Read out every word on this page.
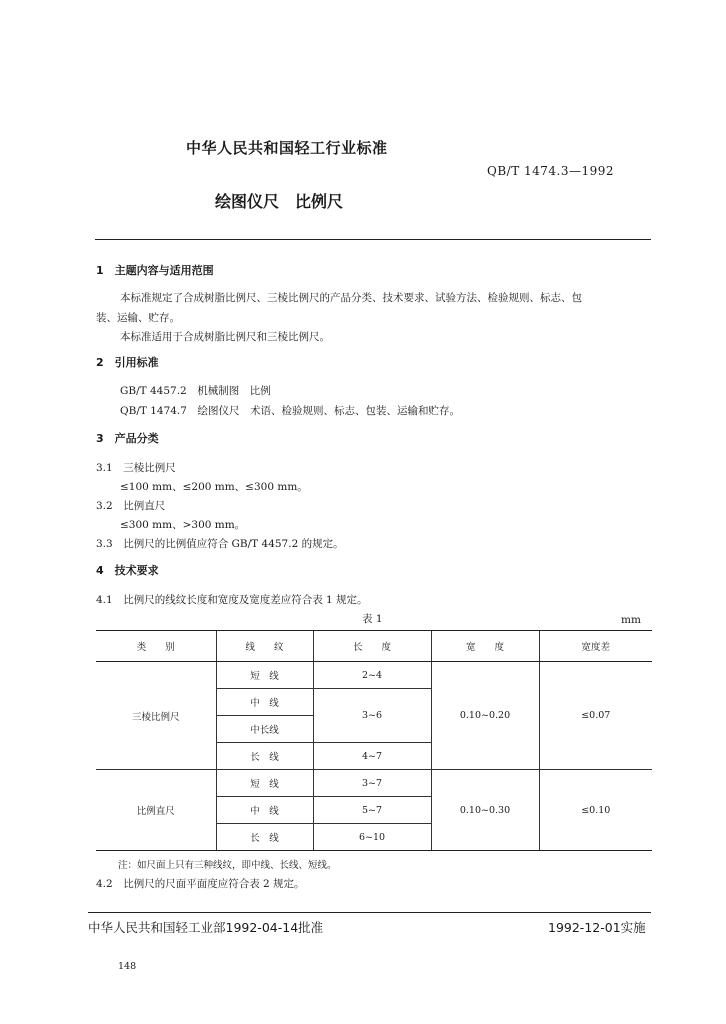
中华人民共和国轻工行业标准
QB/T 1474.3—1992
绘图仪尺　比例尺
1　主题内容与适用范围
本标准规定了合成树脂比例尺、三棱比例尺的产品分类、技术要求、试验方法、检验规则、标志、包
装、运输、贮存。
本标准适用于合成树脂比例尺和三棱比例尺。
2　引用标准
GB/T 4457.2　机械制图　比例
QB/T 1474.7　绘图仪尺　术语、检验规则、标志、包装、运输和贮存。
3　产品分类
3.1　三棱比例尺
≤100 mm、≤200 mm、≤300 mm。
3.2　比例直尺
≤300 mm、>300 mm。
3.3　比例尺的比例值应符合 GB/T 4457.2 的规定。
4　技术要求
4.1　比例尺的线纹长度和宽度及宽度差应符合表 1 规定。
表 1	mm
类　　别	线　　纹	长　　度	宽　　度	宽度差
三棱比例尺	短　线	2~4	0.10~0.20	≤0.07
	中　线	3~6		
	中长线			
	长　线	4~7		
比例直尺	短　线	3~7	0.10~0.30	≤0.10
	中　线	5~7		
	长　线	6~10		
注：如尺面上只有三种线纹，即中线、长线、短线。
4.2　比例尺的尺面平面度应符合表 2 规定。
中华人民共和国轻工业部1992-04-14批准	1992-12-01实施
148
